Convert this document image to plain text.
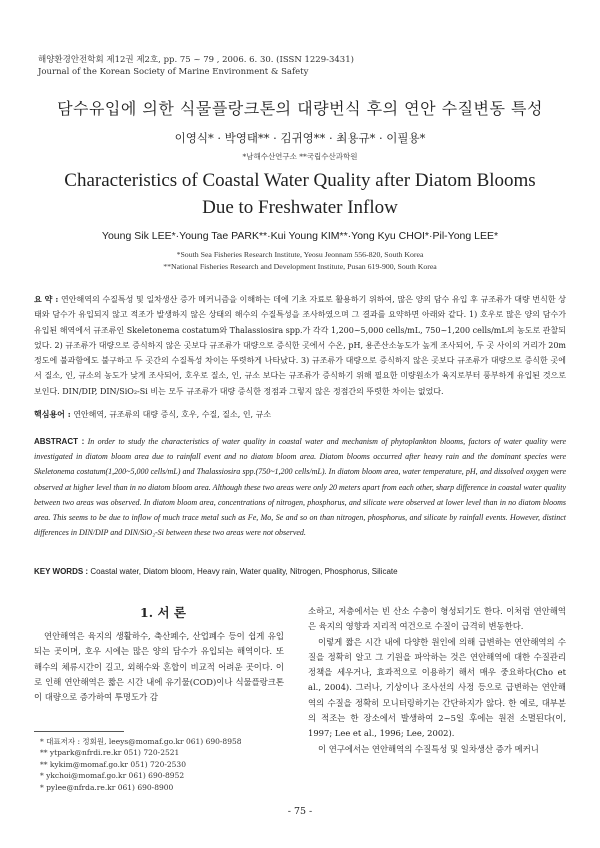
해양환경안전학회 제12권 제2호, pp. 75 ~ 79 , 2006. 6. 30. (ISSN 1229-3431)
Journal of the Korean Society of Marine Environment & Safety
담수유입에 의한 식물플랑크톤의 대량번식 후의 연안 수질변동 특성
이영식* · 박영태** · 김귀영** · 최용규* · 이필용*
*남해수산연구소 **국립수산과학원
Characteristics of Coastal Water Quality after Diatom Blooms
Due to Freshwater Inflow
Young Sik LEE*·Young Tae PARK**·Kui Young KIM**·Yong Kyu CHOI*·Pil-Yong LEE*
*South Sea Fisheries Research Institute, Yeosu Jeonnam 556-820, South Korea
**National Fisheries Research and Development Institute, Pusan 619-900, South Korea
요 약 : 연안해역의 수질특성 및 일차생산 증가 메커니즘을 이해하는 데에 기초 자료로 활용하기 위하여, 많은 양의 담수 유입 후 규조류가 대량 번식한 상태와 담수가 유입되지 않고 적조가 발생하지 않은 상태의 해수의 수질특성을 조사하였으며 그 결과를 요약하면 아래와 같다. 1) 호우로 많은 양의 담수가 유입된 해역에서 규조류인 Skeletonema costatum와 Thalassiosira spp.가 각각 1,200~5,000 cells/mL, 750~1,200 cells/mL의 농도로 관찰되었다. 2) 규조류가 대량으로 증식하지 않은 곳보다 규조류가 대량으로 증식한 곳에서 수온, pH, 용존산소농도가 높게 조사되어, 두 곳 사이의 거리가 20m 정도에 불과함에도 불구하고 두 곳간의 수질특성 차이는 뚜렷하게 나타났다. 3) 규조류가 대량으로 증식하지 않은 곳보다 규조류가 대량으로 증식한 곳에서 질소, 인, 규소의 농도가 낮게 조사되어, 호우로 질소, 인, 규소 보다는 규조류가 증식하기 위해 필요한 미량원소가 육지로부터 풍부하게 유입된 것으로 보인다. DIN/DIP, DIN/SiO₂-Si 비는 모두 규조류가 대량 증식한 정점과 그렇지 않은 정점간의 뚜렷한 차이는 없었다.
핵심용어 : 연안해역, 규조류의 대량 증식, 호우, 수질, 질소, 인, 규소
ABSTRACT : In order to study the characteristics of water quality in coastal water and mechanism of phytoplankton blooms, factors of water quality were investigated in diatom bloom area due to rainfall event and no diatom bloom area. Diatom blooms occurred after heavy rain and the dominant species were Skeletonema costatum(1,200~5,000 cells/mL) and Thalassiosira spp.(750~1,200 cells/mL). In diatom bloom area, water temperature, pH, and dissolved oxygen were observed at higher level than in no diatom bloom area. Although these two areas were only 20 meters apart from each other, sharp difference in coastal water quality between two areas was observed. In diatom bloom area, concentrations of nitrogen, phosphorus, and silicate were observed at lower level than in no diatom blooms area. This seems to be due to inflow of much trace metal such as Fe, Mo, Se and so on than nitrogen, phosphorus, and silicate by rainfall events. However, distinct differences in DIN/DIP and DIN/SiO₂-Si between these two areas were not observed.
KEY WORDS : Coastal water, Diatom bloom, Heavy rain, Water quality, Nitrogen, Phosphorus, Silicate
1. 서 론

연안해역은 육지의 생활하수, 축산폐수, 산업폐수 등이 쉽게 유입되는 곳이며, 호우 시에는 많은 양의 담수가 유입되는 해역이다. 또 해수의 체류시간이 길고, 외해수와 혼합이 비교적 어려운 곳이다. 이로 인해 연안해역은 짧은 시간 내에 유기물(COD)이나 식물플랑크톤이 대량으로 증가하여 투명도가 감

소하고, 저층에서는 빈 산소 수층이 형성되기도 한다. 이처럼 연안해역은 육지의 영향과 지리적 여건으로 수질이 급격히 변동한다.

이렇게 짧은 시간 내에 다양한 원인에 의해 급변하는 연안해역의 수질을 정확히 알고 그 기원을 파악하는 것은 연안해역에 대한 수질관리정책을 세우거나, 효과적으로 이용하기 해서 매우 중요하다(Cho et al., 2004). 그러나, 기상이나 조사선의 사정 등으로 급변하는 연안해역의 수질을 정확히 모니터링하기는 간단하지가 않다. 한 예로, 대부분의 적조는 한 장소에서 발생하여 2~5일 후에는 원전 소멸된다(이, 1997; Lee et al., 1996; Lee, 2002).

이 연구에서는 연안해역의 수질특성 및 일차생산 증가 메커니

* 대표저자 : 정회원, leeys@momaf.go.kr 061) 690-8958
** ytpark@nfrdi.re.kr 051) 720-2521
** kykim@momaf.go.kr 051) 720-2530
* ykchoi@momaf.go.kr 061) 690-8952
* pylee@nfrda.re.kr 061) 690-8900
- 75 -
